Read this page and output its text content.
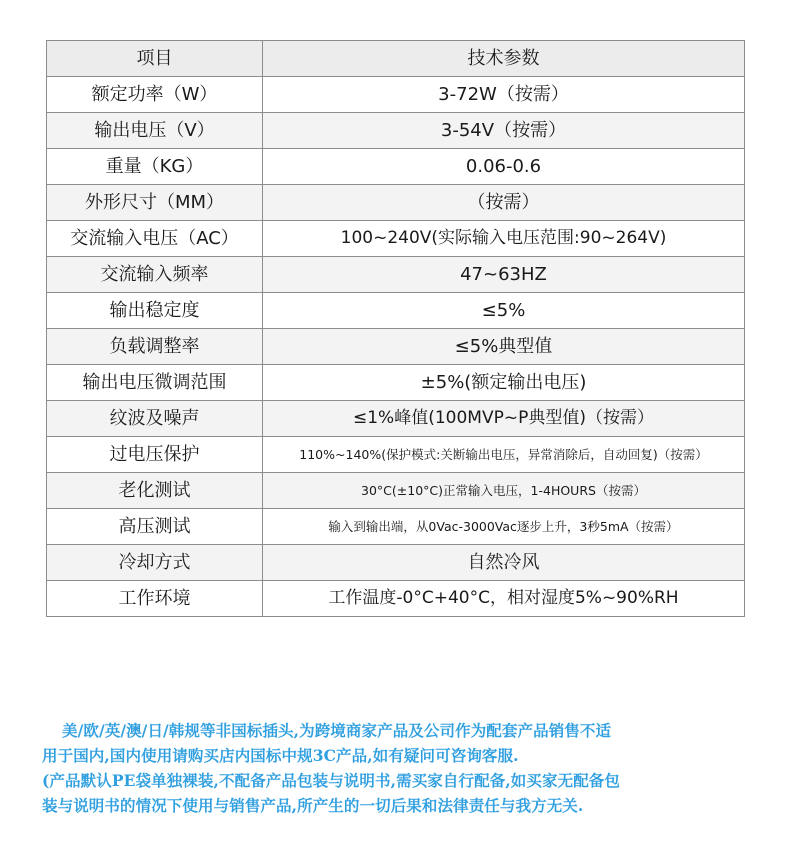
项目	技术参数
额定功率（W）	3-72W（按需）
输出电压（V）	3-54V（按需）
重量（KG）	0.06-0.6
外形尺寸（MM）	（按需）
交流输入电压（AC）	100~240V(实际输入电压范围:90~264V)
交流输入频率	47~63HZ
输出稳定度	≤5%
负载调整率	≤5%典型值
输出电压微调范围	±5%(额定输出电压)
纹波及噪声	≤1%峰值(100MVP~P典型值)（按需）
过电压保护	110%~140%(保护模式:关断输出电压，异常消除后，自动回复)（按需）
老化测试	30°C(±10°C)正常输入电压，1-4HOURS（按需）
高压测试	输入到输出端，从0Vac-3000Vac逐步上升，3秒5mA（按需）
冷却方式	自然冷风
工作环境	工作温度-0°C+40°C，相对湿度5%~90%RH

美/欧/英/澳/日/韩规等非国标插头,为跨境商家产品及公司作为配套产品销售不适

用于国内,国内使用请购买店内国标中规3C产品,如有疑问可咨询客服.

(产品默认PE袋单独裸装,不配备产品包装与说明书,需买家自行配备,如买家无配备包

装与说明书的情况下使用与销售产品,所产生的一切后果和法律责任与我方无关.
